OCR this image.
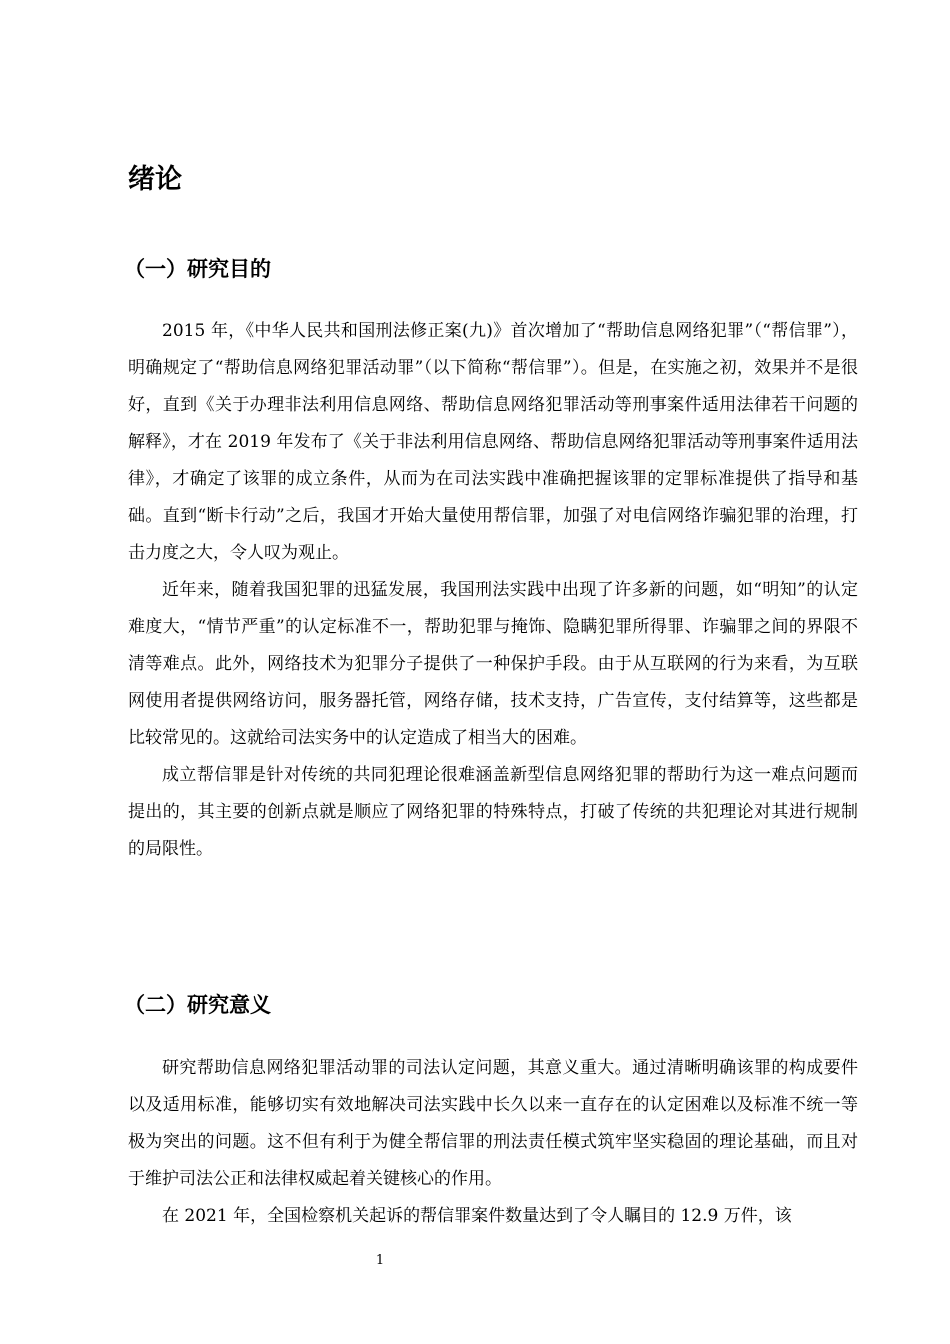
绪论
（一）研究目的

2015 年，《中华人民共和国刑法修正案(九)》首次增加了“帮助信息网络犯罪”（“帮信罪”），明确规定了“帮助信息网络犯罪活动罪”（以下简称“帮信罪”）。但是，在实施之初，效果并不是很好，直到《关于办理非法利用信息网络、帮助信息网络犯罪活动等刑事案件适用法律若干问题的解释》，才在 2019 年发布了《关于非法利用信息网络、帮助信息网络犯罪活动等刑事案件适用法律》，才确定了该罪的成立条件，从而为在司法实践中准确把握该罪的定罪标准提供了指导和基础。直到“断卡行动”之后，我国才开始大量使用帮信罪，加强了对电信网络诈骗犯罪的治理，打击力度之大，令人叹为观止。

近年来，随着我国犯罪的迅猛发展，我国刑法实践中出现了许多新的问题，如“明知”的认定难度大，“情节严重”的认定标准不一，帮助犯罪与掩饰、隐瞒犯罪所得罪、诈骗罪之间的界限不清等难点。此外，网络技术为犯罪分子提供了一种保护手段。由于从互联网的行为来看，为互联网使用者提供网络访问，服务器托管，网络存储，技术支持，广告宣传，支付结算等，这些都是比较常见的。这就给司法实务中的认定造成了相当大的困难。

成立帮信罪是针对传统的共同犯理论很难涵盖新型信息网络犯罪的帮助行为这一难点问题而提出的，其主要的创新点就是顺应了网络犯罪的特殊特点，打破了传统的共犯理论对其进行规制的局限性。

（二）研究意义

研究帮助信息网络犯罪活动罪的司法认定问题，其意义重大。通过清晰明确该罪的构成要件以及适用标准，能够切实有效地解决司法实践中长久以来一直存在的认定困难以及标准不统一等极为突出的问题。这不但有利于为健全帮信罪的刑法责任模式筑牢坚实稳固的理论基础，而且对于维护司法公正和法律权威起着关键核心的作用。

在 2021 年，全国检察机关起诉的帮信罪案件数量达到了令人瞩目的 12.9 万件，该

1
